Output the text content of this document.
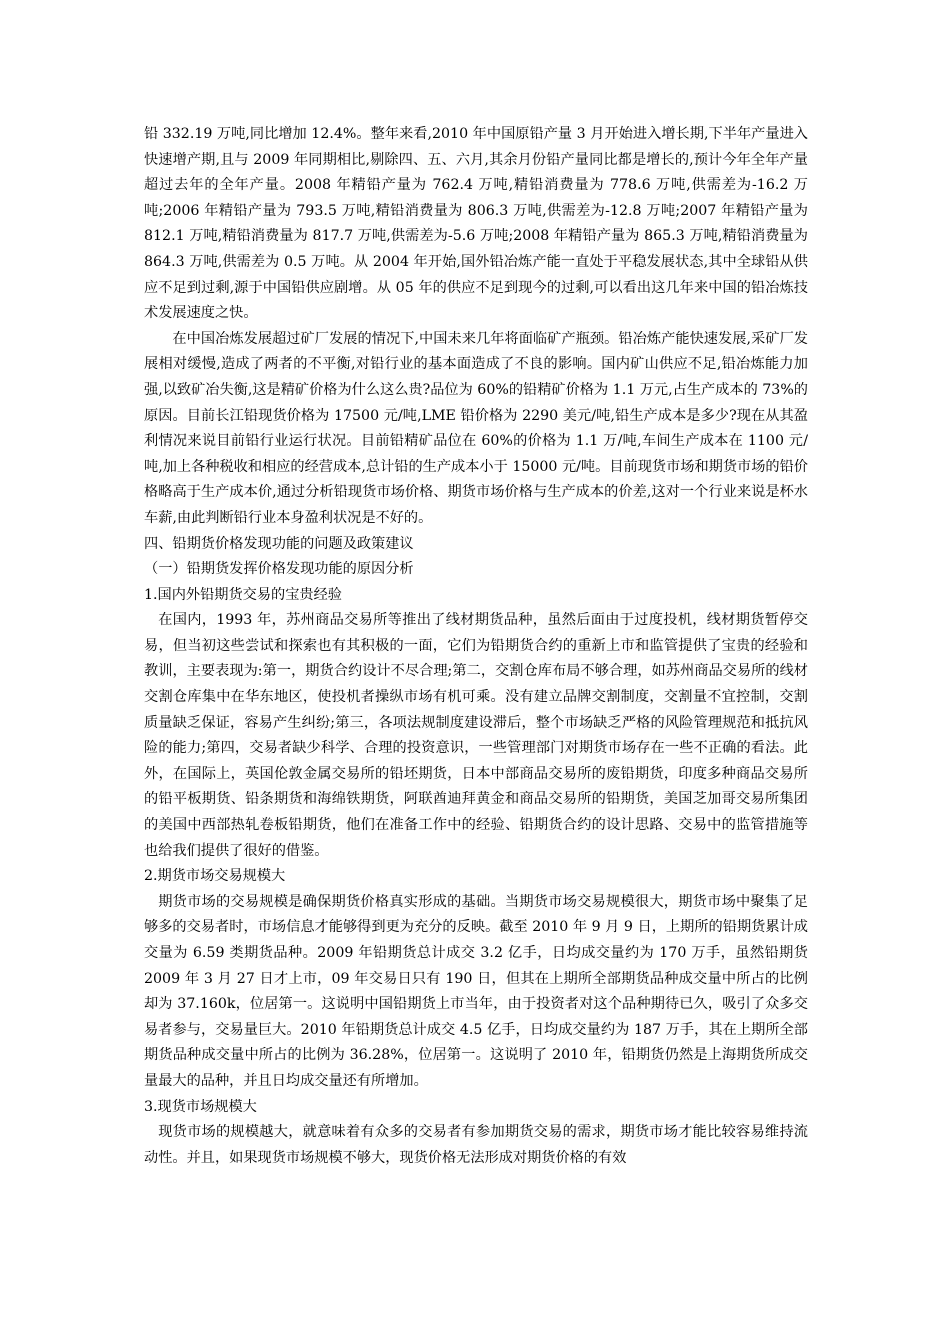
铅 332.19 万吨,同比增加 12.4%。整年来看,2010 年中国原铅产量 3 月开始进入增长期,下半年产量进入快速增产期,且与 2009 年同期相比,剔除四、五、六月,其余月份铅产量同比都是增长的,预计今年全年产量超过去年的全年产量。2008 年精铅产量为 762.4 万吨,精铅消费量为 778.6 万吨,供需差为-16.2 万吨;2006 年精铅产量为 793.5 万吨,精铅消费量为 806.3 万吨,供需差为-12.8 万吨;2007 年精铅产量为 812.1 万吨,精铅消费量为 817.7 万吨,供需差为-5.6 万吨;2008 年精铅产量为 865.3 万吨,精铅消费量为 864.3 万吨,供需差为 0.5 万吨。从 2004 年开始,国外铅冶炼产能一直处于平稳发展状态,其中全球铅从供应不足到过剩,源于中国铅供应剧增。从 05 年的供应不足到现今的过剩,可以看出这几年来中国的铅冶炼技术发展速度之快。

在中国冶炼发展超过矿厂发展的情况下,中国未来几年将面临矿产瓶颈。铅冶炼产能快速发展,采矿厂发展相对缓慢,造成了两者的不平衡,对铅行业的基本面造成了不良的影响。国内矿山供应不足,铅冶炼能力加强,以致矿冶失衡,这是精矿价格为什么这么贵?品位为 60%的铅精矿价格为 1.1 万元,占生产成本的 73%的原因。目前长江铅现货价格为 17500 元/吨,LME 铅价格为 2290 美元/吨,铅生产成本是多少?现在从其盈利情况来说目前铅行业运行状况。目前铅精矿品位在 60%的价格为 1.1 万/吨,车间生产成本在 1100 元/吨,加上各种税收和相应的经营成本,总计铅的生产成本小于 15000 元/吨。目前现货市场和期货市场的铅价格略高于生产成本价,通过分析铅现货市场价格、期货市场价格与生产成本的价差,这对一个行业来说是杯水车薪,由此判断铅行业本身盈利状况是不好的。

四、铅期货价格发现功能的问题及政策建议

（一）铅期货发挥价格发现功能的原因分析

1.国内外铅期货交易的宝贵经验

在国内，1993 年，苏州商品交易所等推出了线材期货品种，虽然后面由于过度投机，线材期货暂停交易，但当初这些尝试和探索也有其积极的一面，它们为铅期货合约的重新上市和监管提供了宝贵的经验和教训，主要表现为:第一，期货合约设计不尽合理;第二，交割仓库布局不够合理，如苏州商品交易所的线材交割仓库集中在华东地区，使投机者操纵市场有机可乘。没有建立品牌交割制度，交割量不宜控制，交割质量缺乏保证，容易产生纠纷;第三，各项法规制度建设滞后，整个市场缺乏严格的风险管理规范和抵抗风险的能力;第四，交易者缺少科学、合理的投资意识，一些管理部门对期货市场存在一些不正确的看法。此外，在国际上，英国伦敦金属交易所的铅坯期货，日本中部商品交易所的废铅期货，印度多种商品交易所的铅平板期货、铅条期货和海绵铁期货，阿联酋迪拜黄金和商品交易所的铅期货，美国芝加哥交易所集团的美国中西部热轧卷板铅期货，他们在准备工作中的经验、铅期货合约的设计思路、交易中的监管措施等也给我们提供了很好的借鉴。

2.期货市场交易规模大

期货市场的交易规模是确保期货价格真实形成的基础。当期货市场交易规模很大，期货市场中聚集了足够多的交易者时，市场信息才能够得到更为充分的反映。截至 2010 年 9 月 9 日，上期所的铅期货累计成交量为 6.59 类期货品种。2009 年铅期货总计成交 3.2 亿手，日均成交量约为 170 万手，虽然铅期货 2009 年 3 月 27 日才上市，09 年交易日只有 190 日，但其在上期所全部期货品种成交量中所占的比例却为 37.160k，位居第一。这说明中国铅期货上市当年，由于投资者对这个品种期待已久，吸引了众多交易者参与，交易量巨大。2010 年铅期货总计成交 4.5 亿手，日均成交量约为 187 万手，其在上期所全部期货品种成交量中所占的比例为 36.28%，位居第一。这说明了 2010 年，铅期货仍然是上海期货所成交量最大的品种，并且日均成交量还有所增加。

3.现货市场规模大

现货市场的规模越大，就意味着有众多的交易者有参加期货交易的需求，期货市场才能比较容易维持流动性。并且，如果现货市场规模不够大，现货价格无法形成对期货价格的有效
